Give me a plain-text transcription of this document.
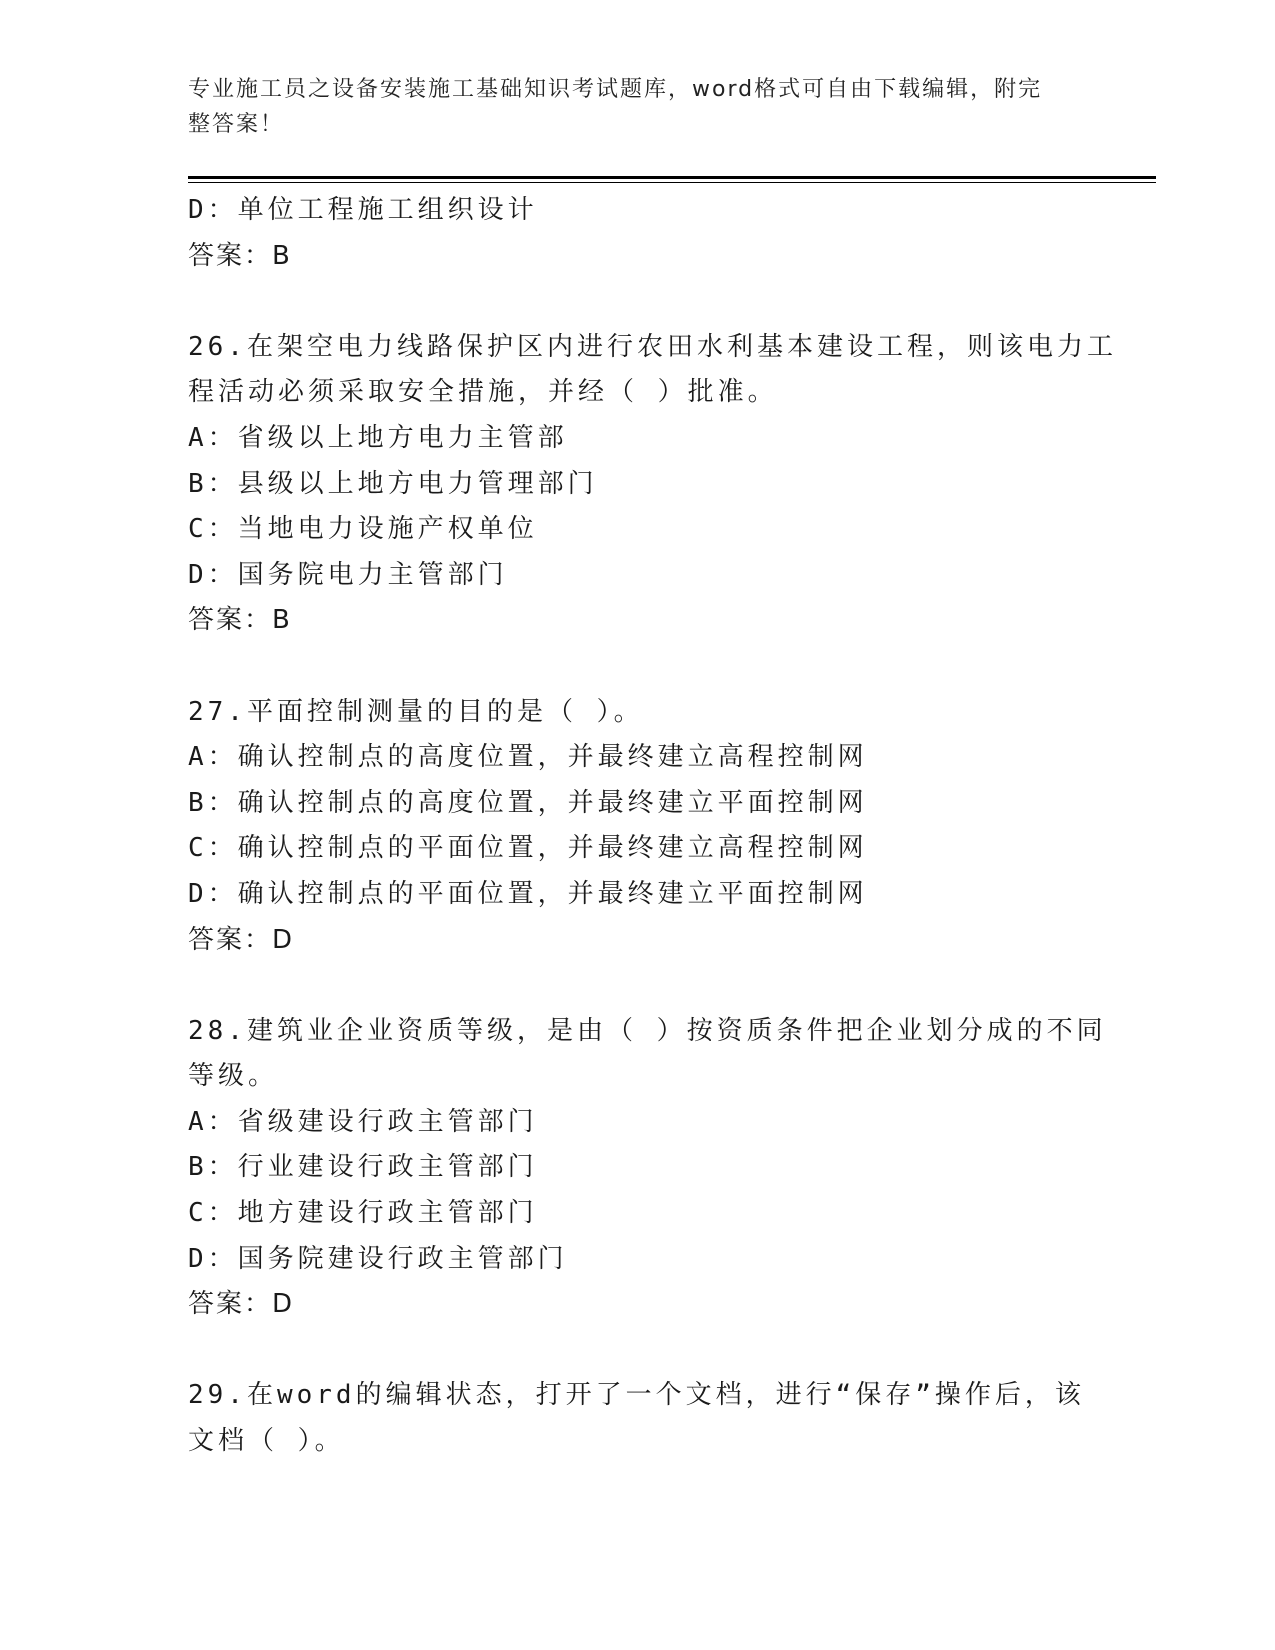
专业施工员之设备安装施工基础知识考试题库，word格式可自由下载编辑，附完
整答案！
D：单位工程施工组织设计
答案：B
26.在架空电力线路保护区内进行农田水利基本建设工程，则该电力工
程活动必须采取安全措施，并经（ ）批准。
A：省级以上地方电力主管部
B：县级以上地方电力管理部门
C：当地电力设施产权单位
D：国务院电力主管部门
答案：B
27.平面控制测量的目的是（ ）。
A：确认控制点的高度位置，并最终建立高程控制网
B：确认控制点的高度位置，并最终建立平面控制网
C：确认控制点的平面位置，并最终建立高程控制网
D：确认控制点的平面位置，并最终建立平面控制网
答案：D
28.建筑业企业资质等级，是由（ ）按资质条件把企业划分成的不同
等级。
A：省级建设行政主管部门
B：行业建设行政主管部门
C：地方建设行政主管部门
D：国务院建设行政主管部门
答案：D
29.在word的编辑状态，打开了一个文档，进行“保存”操作后，该
文档（ ）。
